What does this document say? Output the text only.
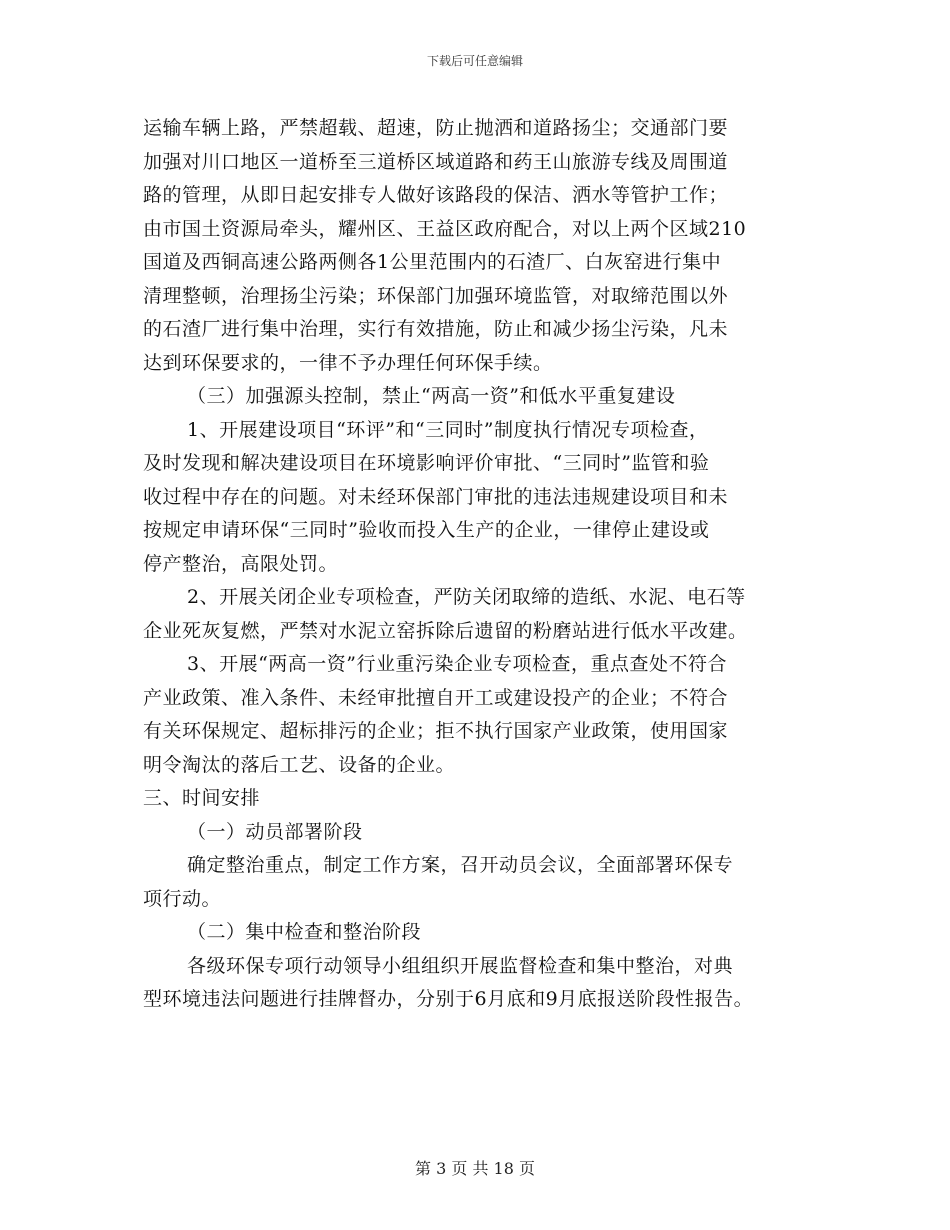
下载后可任意编辑
运输车辆上路，严禁超载、超速，防止抛洒和道路扬尘；交通部门要
加强对川口地区一道桥至三道桥区域道路和药王山旅游专线及周围道
路的管理，从即日起安排专人做好该路段的保洁、洒水等管护工作；
由市国土资源局牵头，耀州区、王益区政府配合，对以上两个区域210
国道及西铜高速公路两侧各1公里范围内的石渣厂、白灰窑进行集中
清理整顿，治理扬尘污染；环保部门加强环境监管，对取缔范围以外
的石渣厂进行集中治理，实行有效措施，防止和减少扬尘污染，凡未
达到环保要求的，一律不予办理任何环保手续。
（三）加强源头控制，禁止“两高一资”和低水平重复建设
1、开展建设项目“环评”和“三同时”制度执行情况专项检查，
及时发现和解决建设项目在环境影响评价审批、“三同时”监管和验
收过程中存在的问题。对未经环保部门审批的违法违规建设项目和未
按规定申请环保“三同时”验收而投入生产的企业，一律停止建设或
停产整治，高限处罚。
2、开展关闭企业专项检查，严防关闭取缔的造纸、水泥、电石等
企业死灰复燃，严禁对水泥立窑拆除后遗留的粉磨站进行低水平改建。
3、开展“两高一资”行业重污染企业专项检查，重点查处不符合
产业政策、准入条件、未经审批擅自开工或建设投产的企业；不符合
有关环保规定、超标排污的企业；拒不执行国家产业政策，使用国家
明令淘汰的落后工艺、设备的企业。
三、时间安排
（一）动员部署阶段
确定整治重点，制定工作方案，召开动员会议，全面部署环保专
项行动。
（二）集中检查和整治阶段
各级环保专项行动领导小组组织开展监督检查和集中整治，对典
型环境违法问题进行挂牌督办，分别于6月底和9月底报送阶段性报告。
第 3 页 共 18 页
